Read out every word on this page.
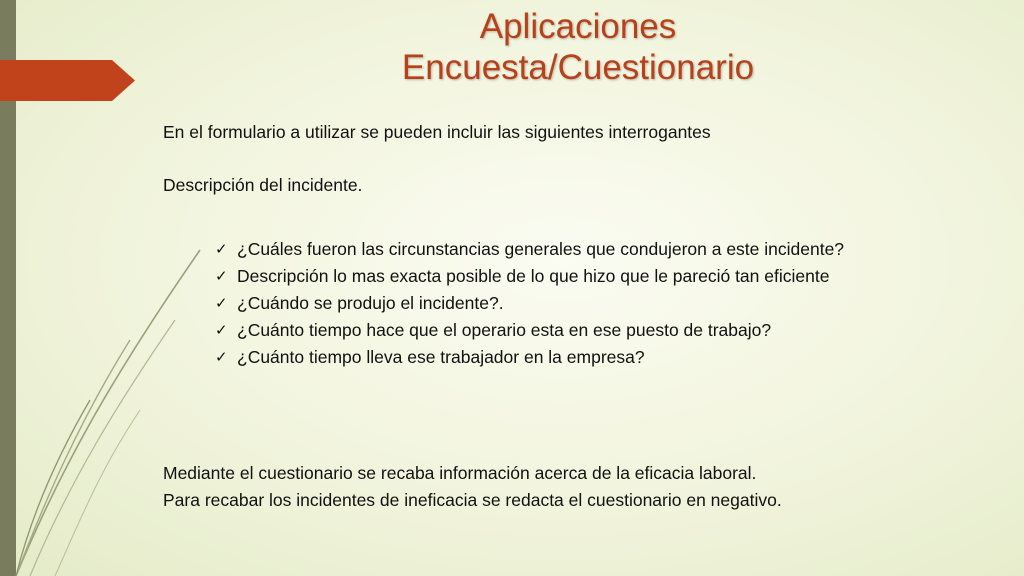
Aplicaciones
Encuesta/Cuestionario
En el formulario a utilizar se pueden incluir las siguientes interrogantes
Descripción del incidente.
✓ ¿Cuáles fueron las circunstancias generales que condujeron a este incidente?
✓ Descripción lo mas exacta posible de lo que hizo que le pareció tan eficiente
✓ ¿Cuándo se produjo el incidente?.
✓ ¿Cuánto tiempo hace que el operario esta en ese puesto de trabajo?
✓ ¿Cuánto tiempo lleva ese trabajador en la empresa?
Mediante el cuestionario se recaba información acerca de la eficacia laboral.
Para recabar los incidentes de ineficacia se redacta el cuestionario en negativo.
